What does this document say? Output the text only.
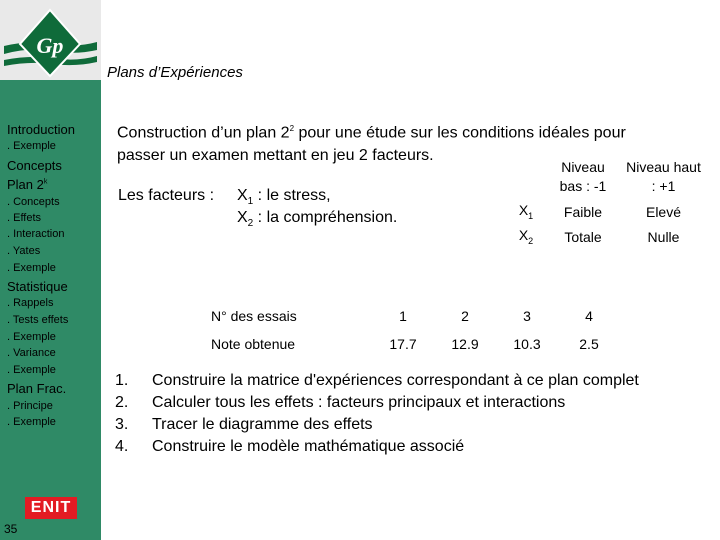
Gp
Introduction
. Exemple
Concepts
Plan 2$^k$
. Concepts
. Effets
. Interaction
. Yates
. Exemple
Statistique
. Rappels
. Tests effets
. Exemple
. Variance
. Exemple
Plan Frac.
. Principe
. Exemple
ENIT
35
Plans d’Expériences
Construction d’un plan $2^2$ pour une étude sur les conditions idéales pour
passer un examen mettant en jeu 2 facteurs.
Les facteurs : $X_1$ : le stress,
$X_2$ : la compréhension.
	Niveau bas : -1	Niveau haut : +1
$X_1$	Faible	Elevé
$X_2$	Totale	Nulle
N° des essais	1	2	3	4
Note obtenue	17.7	12.9	10.3	2.5
1.	Construire la matrice d'expériences correspondant à ce plan complet
2.	Calculer tous les effets : facteurs principaux et interactions
3.	Tracer le diagramme des effets
4.	Construire le modèle mathématique associé
